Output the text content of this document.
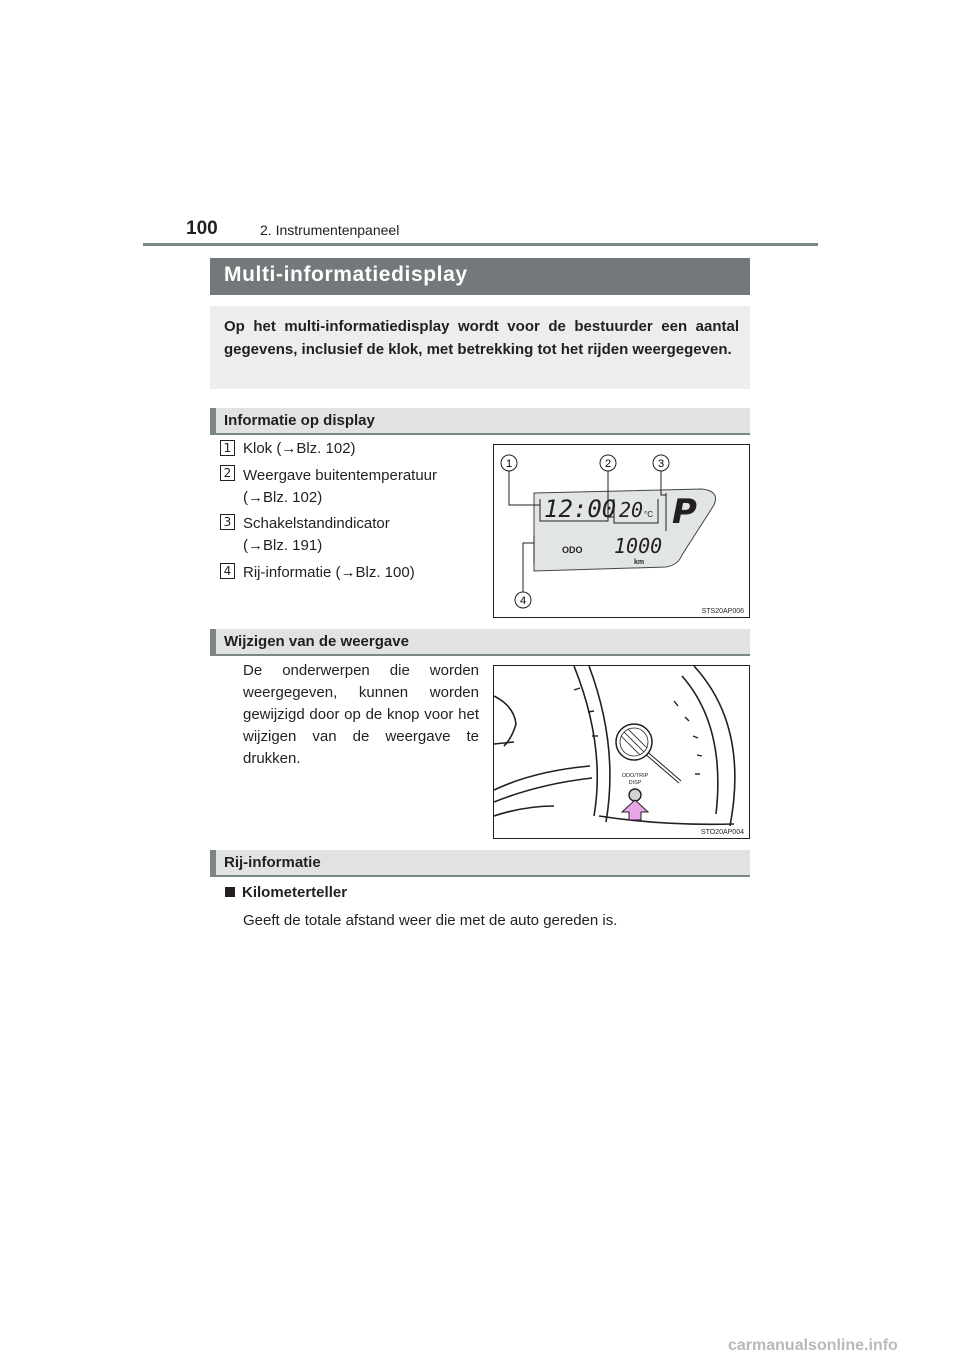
100	2. Instrumentenpaneel
Multi-informatiedisplay
Op het multi-informatiedisplay wordt voor de bestuurder een aantal gegevens, inclusief de klok, met betrekking tot het rijden weergegeven.
Informatie op display
1 Klok (→Blz. 102)
2 Weergave buitentemperatuur
(→Blz. 102)
3 Schakelstandindicator
(→Blz. 191)
4 Rij-informatie (→Blz. 100)
1	2	3
4
12:00 20 °C P
ODO 1000
km
STS20AP006
Wijzigen van de weergave
De onderwerpen die worden weergegeven, kunnen worden gewijzigd door op de knop voor het wijzigen van de weergave te drukken.
ODO/TRIP
DISP
STO20AP004
Rij-informatie
Kilometerteller
Geeft de totale afstand weer die met de auto gereden is.
carmanualsonline.info
